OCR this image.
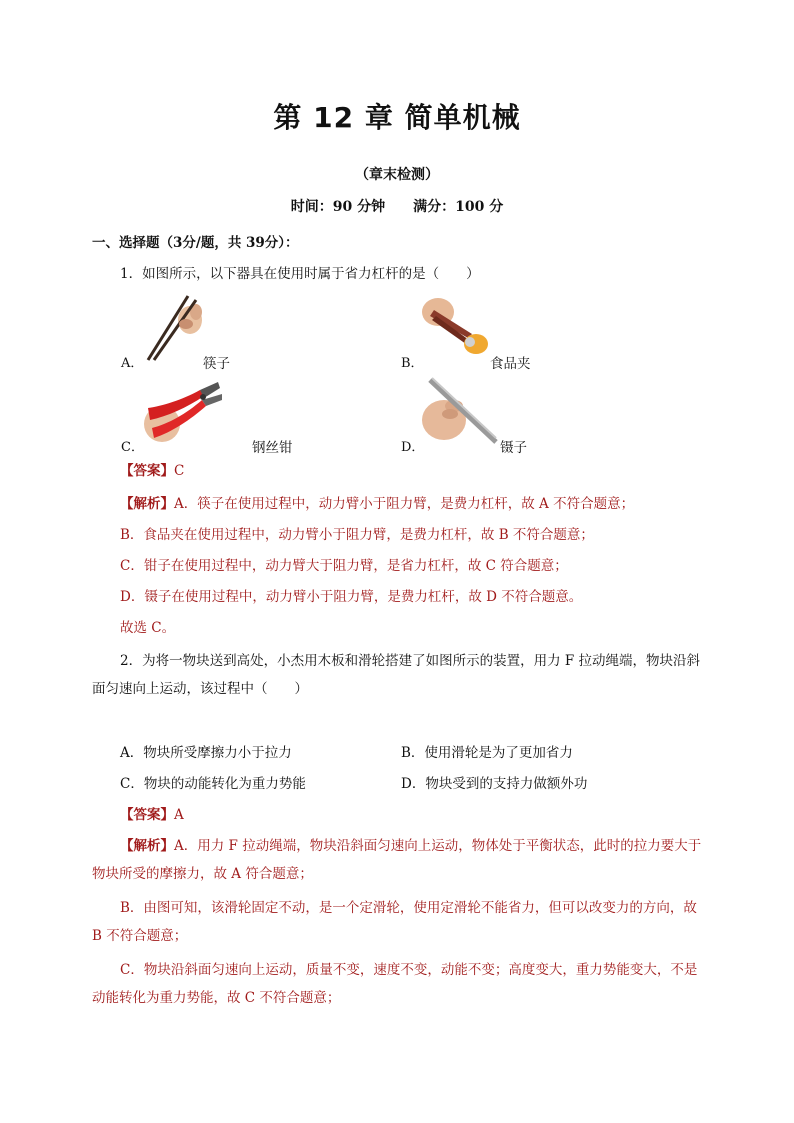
第 12 章 简单机械
（章末检测）
时间：90 分钟 满分：100 分
一、选择题（3分/题，共 39分）：
1．如图所示，以下器具在使用时属于省力杠杆的是（　　）
A．	筷子	B．	食品夹
C．	钢丝钳	D．	镊子
【答案】C
【解析】A．筷子在使用过程中，动力臂小于阻力臂，是费力杠杆，故 A 不符合题意；
B．食品夹在使用过程中，动力臂小于阻力臂，是费力杠杆，故 B 不符合题意；
C．钳子在使用过程中，动力臂大于阻力臂，是省力杠杆，故 C 符合题意；
D．镊子在使用过程中，动力臂小于阻力臂，是费力杠杆，故 D 不符合题意。
故选 C。
2．为将一物块送到高处，小杰用木板和滑轮搭建了如图所示的装置，用力 F 拉动绳端，物块沿斜面匀速向上运动，该过程中（　　）
A．物块所受摩擦力小于拉力	B．使用滑轮是为了更加省力
C．物块的动能转化为重力势能	D．物块受到的支持力做额外功
【答案】A
【解析】A．用力 F 拉动绳端，物块沿斜面匀速向上运动，物体处于平衡状态，此时的拉力要大于物块所受的摩擦力，故 A 符合题意；
B．由图可知，该滑轮固定不动，是一个定滑轮，使用定滑轮不能省力，但可以改变力的方向，故 B 不符合题意；
C．物块沿斜面匀速向上运动，质量不变，速度不变，动能不变；高度变大，重力势能变大，不是动能转化为重力势能，故 C 不符合题意；
